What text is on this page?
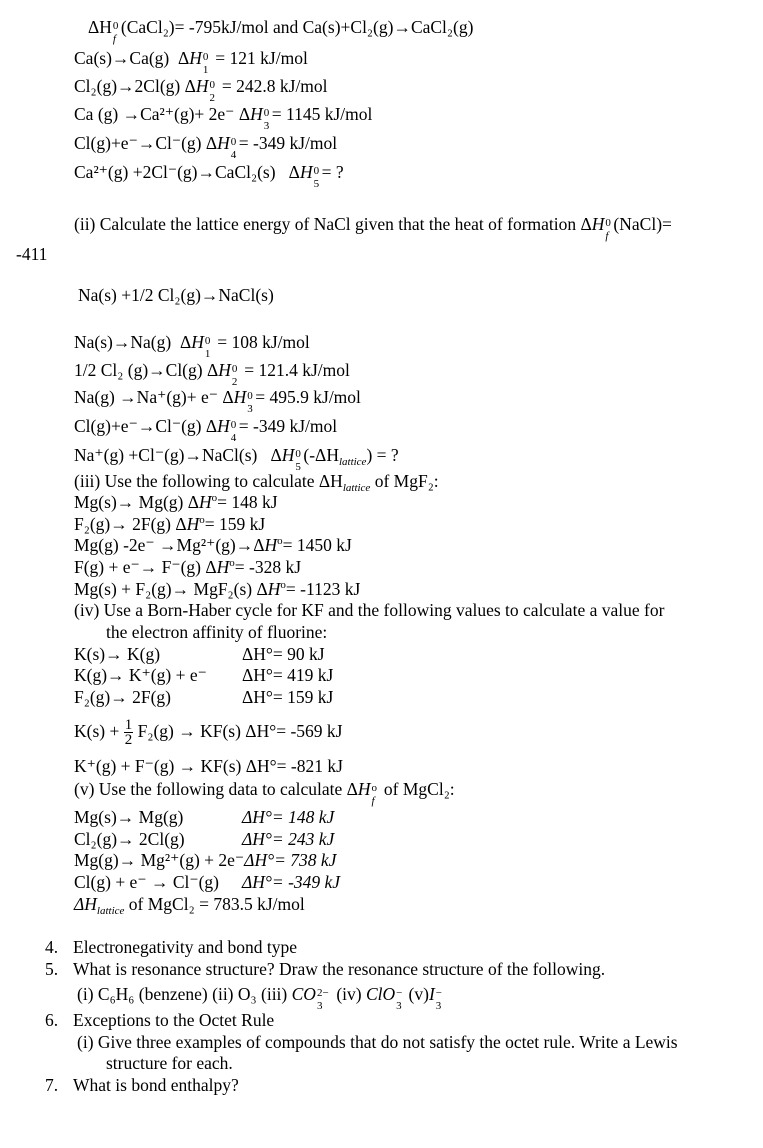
ΔH 0
f
(CaCl₂)= -795kJ/mol and Ca(s)+Cl₂(g)→CaCl₂(g)
Ca(s)→Ca(g) ΔH 0
1
= 121 kJ/mol
Cl₂(g)→2Cl(g) ΔH 0
2
= 242.8 kJ/mol
Ca (g) →Ca²⁺(g)+ 2e⁻ ΔH 0
3
= 1145 kJ/mol
Cl(g)+e⁻→Cl⁻(g) ΔH 0
4
= -349 kJ/mol
Ca²⁺(g) +2Cl⁻(g)→CaCl₂(s) ΔH 0
5
= ?
(ii) Calculate the lattice energy of NaCl given that the heat of formation ΔH 0
f
(NaCl)=
-411
Na(s) +1/2 Cl₂(g)→NaCl(s)
Na(s)→Na(g) ΔH 0
1
= 108 kJ/mol
1/2 Cl₂ (g)→Cl(g) ΔH 0
2
= 121.4 kJ/mol
Na(g) →Na⁺(g)+ e⁻ ΔH 0
3
= 495.9 kJ/mol
Cl(g)+e⁻→Cl⁻(g) ΔH 0
4
= -349 kJ/mol
Na⁺(g) +Cl⁻(g)→NaCl(s) ΔH 0
5
$(-\Delta H_{lattice})$ = ?
(iii) Use the following to calculate $\Delta H_{lattice}$ of MgF₂:
Mg(s)→ Mg(g) $\Delta H^o= 148$ kJ
F₂(g)→ 2F(g) $\Delta H^o= 159$ kJ
Mg(g) $-2e^- \to Mg^{2+}(g)\to\Delta H^o= 1450$ kJ
F(g) + e⁻→ F⁻(g) $\Delta H^o= -328$ kJ
Mg(s) + F₂(g)→ MgF₂(s) $\Delta H^o= -1123$ kJ
(iv) Use a Born-Haber cycle for KF and the following values to calculate a value for
the electron affinity of fluorine:
K(s)→ K(g)	ΔH°= 90 kJ
K(g)→ K⁺(g) + e⁻ ΔH°= 419 kJ
F₂(g)→ 2F(g)	ΔH°= 159 kJ
$K(s) + \frac{1}{2} F_2(g) \to KF(s)$ ΔH°= -569 kJ
K⁺(g) + F⁻(g) → KF(s) ΔH°= -821 kJ
(v) Use the following data to calculate ΔH o
f
of MgCl₂:
Mg(s)→ Mg(g)	ΔH°= 148 kJ
Cl₂(g)→ 2Cl(g)	ΔH°= 243 kJ
Mg(g)→ Mg²⁺(g) + 2e⁻ΔH°= 738 kJ
Cl(g) + e⁻ → Cl⁻(g) ΔH°= -349 kJ
$\Delta H_{lattice}$ of MgCl₂ = 783.5 kJ/mol
4. Electronegativity and bond type
5. What is resonance structure? Draw the resonance structure of the following.
(i) C₆H₆ (benzene) (ii) O₃ (iii) CO 2−
3
(iv) ClO −
3
(v)I −
3
6. Exceptions to the Octet Rule
(i) Give three examples of compounds that do not satisfy the octet rule. Write a Lewis
structure for each.
7. What is bond enthalpy?
